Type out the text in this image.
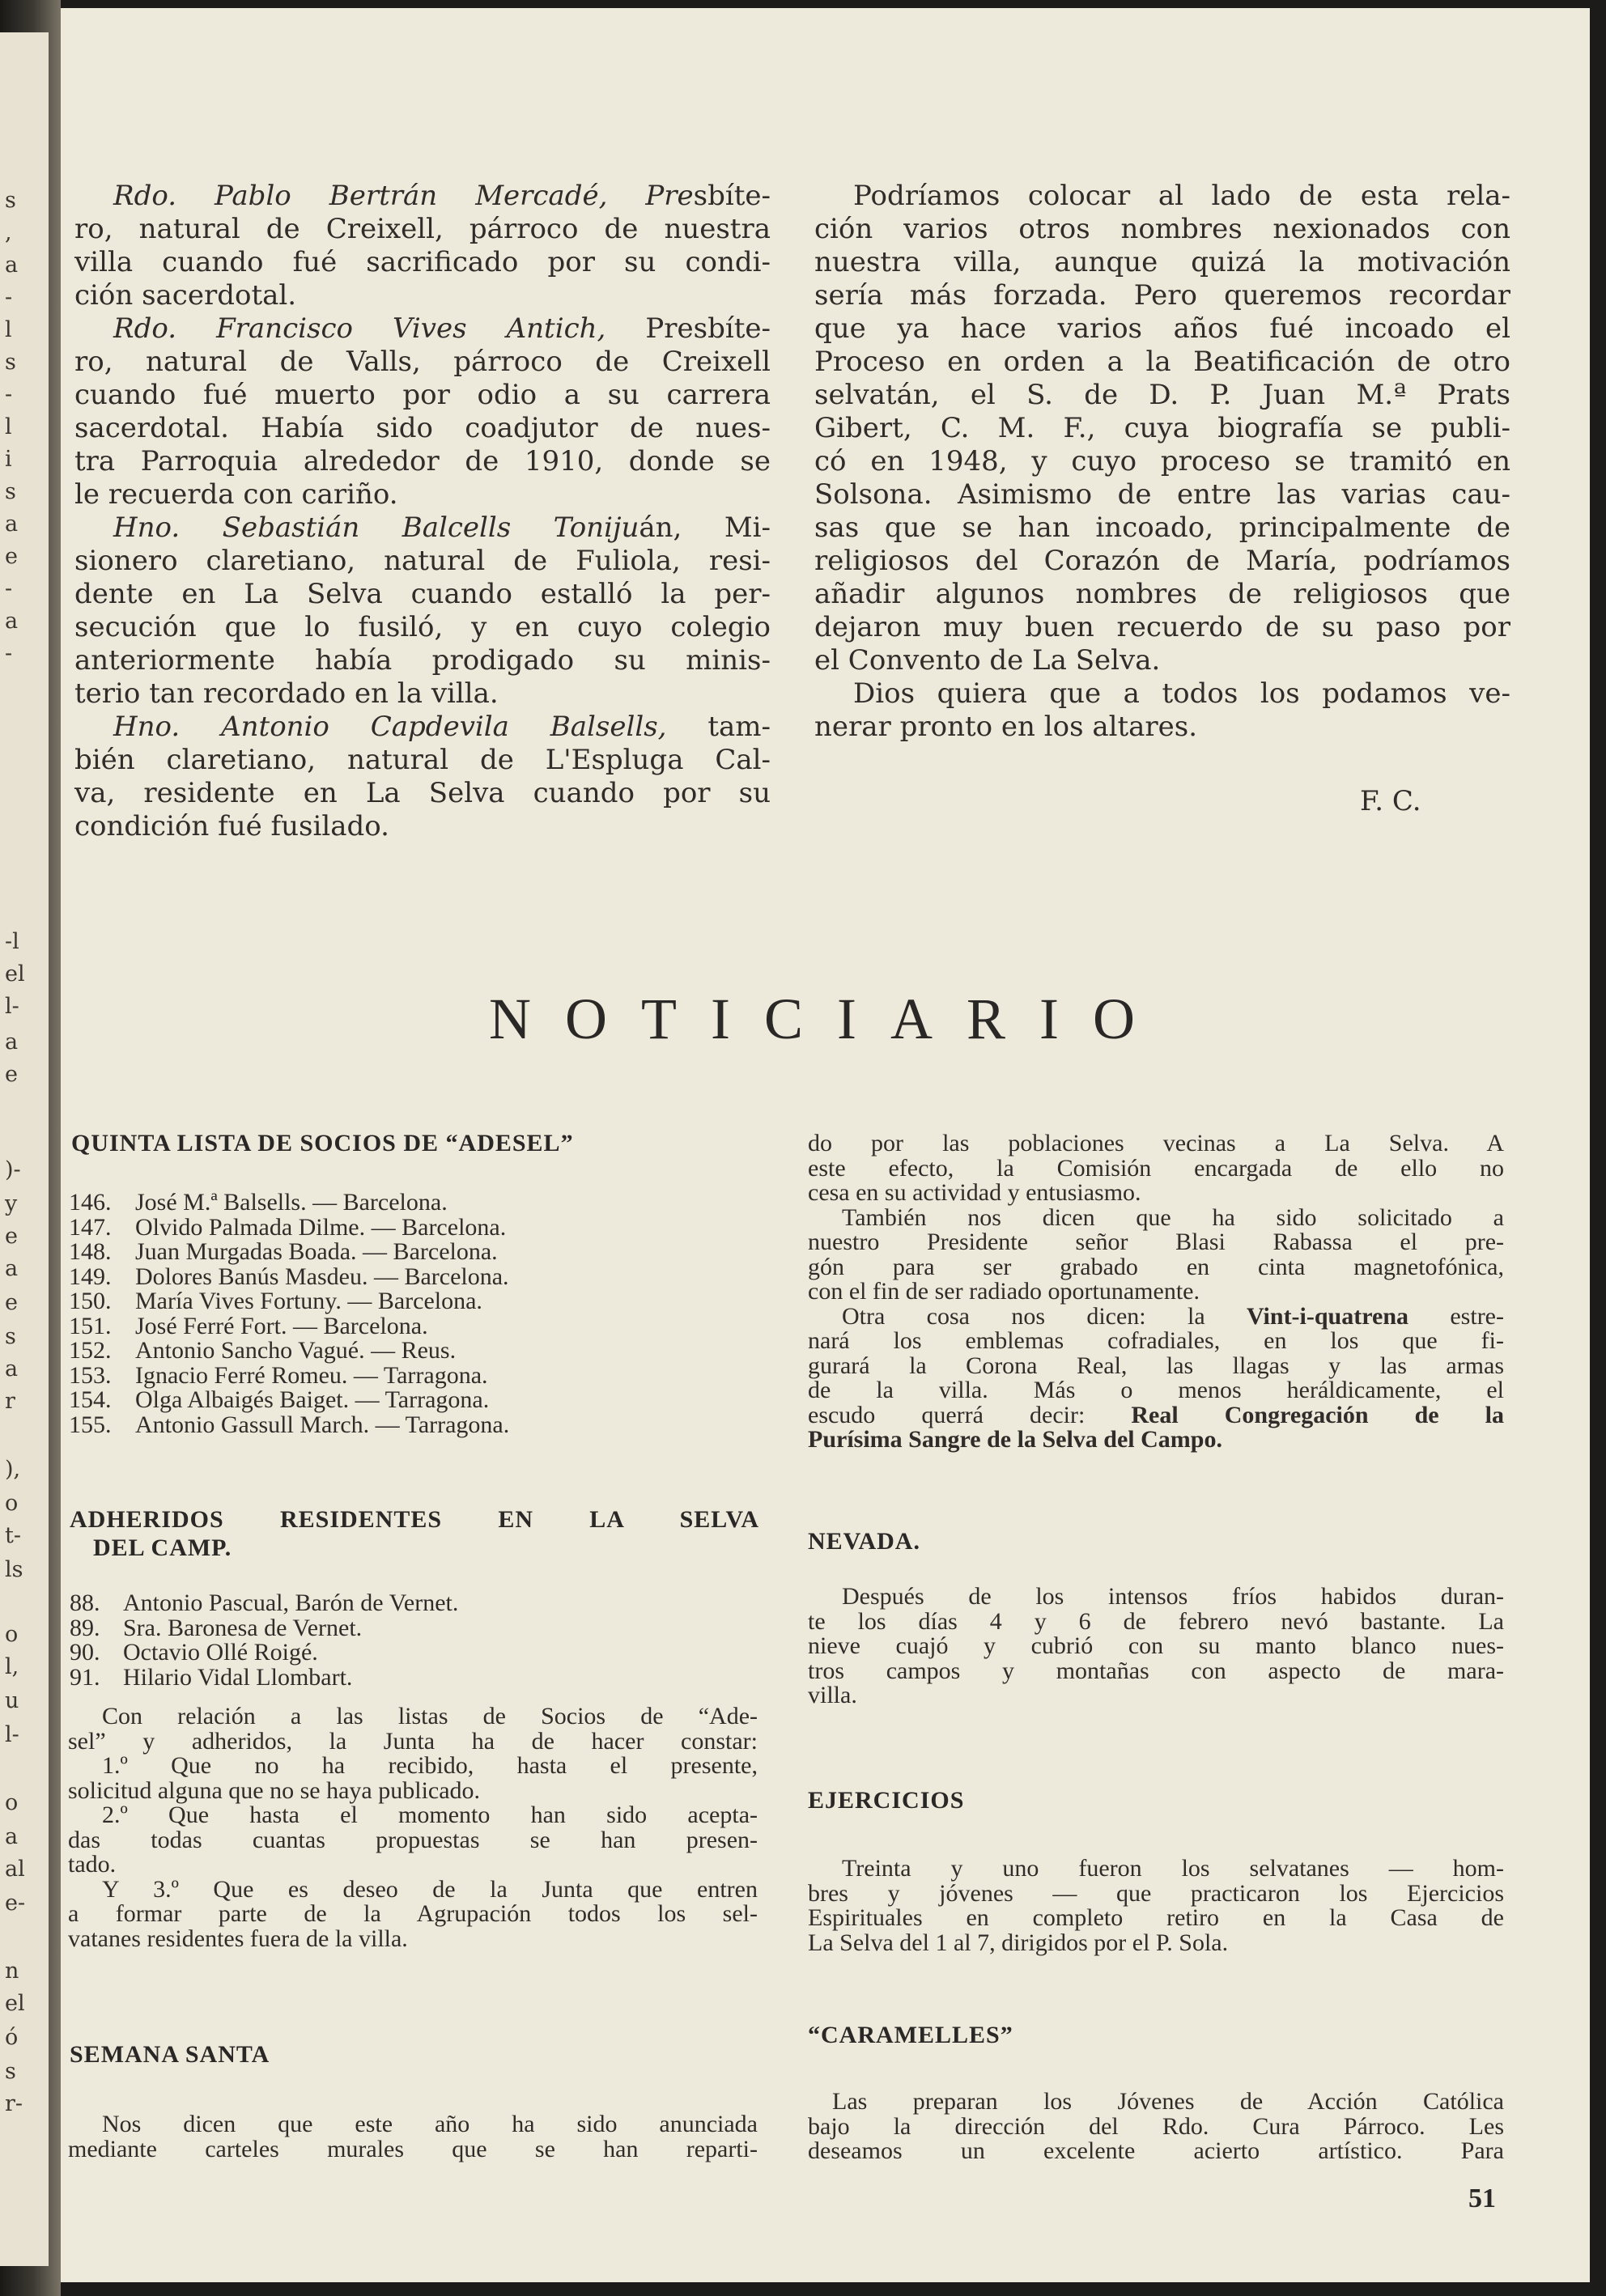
Rdo. Pablo Bertrán Mercadé, Presbíte-
ro, natural de Creixell, párroco de nuestra
villa cuando fué sacrificado por su condi-
ción sacerdotal.
Rdo. Francisco Vives Antich, Presbíte-
ro, natural de Valls, párroco de Creixell
cuando fué muerto por odio a su carrera
sacerdotal. Había sido coadjutor de nues-
tra Parroquia alrededor de 1910, donde se
le recuerda con cariño.
Hno. Sebastián Balcells Tonijuán, Mi-
sionero claretiano, natural de Fuliola, resi-
dente en La Selva cuando estalló la per-
secución que lo fusiló, y en cuyo colegio
anteriormente había prodigado su minis-
terio tan recordado en la villa.
Hno. Antonio Capdevila Balsells, tam-
bién claretiano, natural de L'Espluga Cal-
va, residente en La Selva cuando por su
condición fué fusilado.
Podríamos colocar al lado de esta rela-
ción varios otros nombres nexionados con
nuestra villa, aunque quizá la motivación
sería más forzada. Pero queremos recordar
que ya hace varios años fué incoado el
Proceso en orden a la Beatificación de otro
selvatán, el S. de D. P. Juan M.ª Prats
Gibert, C. M. F., cuya biografía se publi-
có en 1948, y cuyo proceso se tramitó en
Solsona. Asimismo de entre las varias cau-
sas que se han incoado, principalmente de
religiosos del Corazón de María, podríamos
añadir algunos nombres de religiosos que
dejaron muy buen recuerdo de su paso por
el Convento de La Selva.
Dios quiera que a todos los podamos ve-
nerar pronto en los altares.
F. C.
NOTICIARIO
QUINTA LISTA DE SOCIOS DE “ADESEL”
146. José M.ª Balsells. — Barcelona.
147. Olvido Palmada Dilme. — Barcelona.
148. Juan Murgadas Boada. — Barcelona.
149. Dolores Banús Masdeu. — Barcelona.
150. María Vives Fortuny. — Barcelona.
151. José Ferré Fort. — Barcelona.
152. Antonio Sancho Vagué. — Reus.
153. Ignacio Ferré Romeu. — Tarragona.
154. Olga Albaigés Baiget. — Tarragona.
155. Antonio Gassull March. — Tarragona.
ADHERIDOS RESIDENTES EN LA SELVA
DEL CAMP.
88. Antonio Pascual, Barón de Vernet.
89. Sra. Baronesa de Vernet.
90. Octavio Ollé Roigé.
91. Hilario Vidal Llombart.
Con relación a las listas de Socios de “Ade-
sel” y adheridos, la Junta ha de hacer constar:
1.º Que no ha recibido, hasta el presente,
solicitud alguna que no se haya publicado.
2.º Que hasta el momento han sido acepta-
das todas cuantas propuestas se han presen-
tado.
Y 3.º Que es deseo de la Junta que entren
a formar parte de la Agrupación todos los sel-
vatanes residentes fuera de la villa.
SEMANA SANTA
Nos dicen que este año ha sido anunciada
mediante carteles murales que se han reparti-
do por las poblaciones vecinas a La Selva. A
este efecto, la Comisión encargada de ello no
cesa en su actividad y entusiasmo.
También nos dicen que ha sido solicitado a
nuestro Presidente señor Blasi Rabassa el pre-
gón para ser grabado en cinta magnetofónica,
con el fin de ser radiado oportunamente.
Otra cosa nos dicen: la Vint-i-quatrena estre-
nará los emblemas cofradiales, en los que fi-
gurará la Corona Real, las llagas y las armas
de la villa. Más o menos heráldicamente, el
escudo querrá decir: Real Congregación de la
Purísima Sangre de la Selva del Campo.
NEVADA.
Después de los intensos fríos habidos duran-
te los días 4 y 6 de febrero nevó bastante. La
nieve cuajó y cubrió con su manto blanco nues-
tros campos y montañas con aspecto de mara-
villa.
EJERCICIOS
Treinta y uno fueron los selvatanes — hom-
bres y jóvenes — que practicaron los Ejercicios
Espirituales en completo retiro en la Casa de
La Selva del 1 al 7, dirigidos por el P. Sola.
“CARAMELLES”
Las preparan los Jóvenes de Acción Católica
bajo la dirección del Rdo. Cura Párroco. Les
deseamos un excelente acierto artístico. Para
51
s
,
a
-
l
s
-
l
i
s
a
e
-
a
-
-l
el
l-
a
e
)-
y
e
a
e
s
a
r
),
o
t-
ls
o
l,
u
l-
o
a
al
e-
n
el
ó
s
r-
